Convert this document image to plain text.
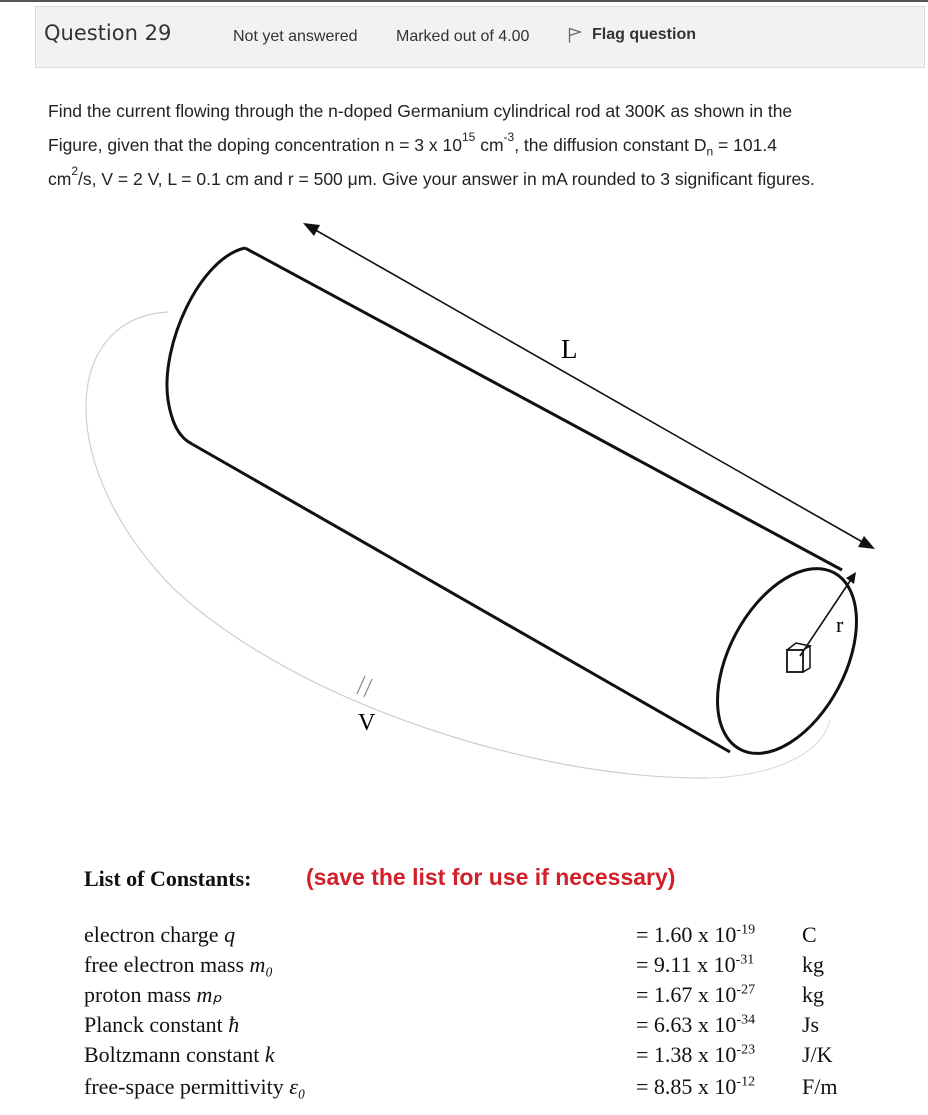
Question 29	Not yet answered Marked out of 4.00	Flag question
Find the current flowing through the n-doped Germanium cylindrical rod at 300K as shown in the
Figure, given that the doping concentration n = 3 x $10^{15}$ $cm^{-3}$, the diffusion constant $D_n = 101.4$
$cm^2/s$, V = 2 V, L = 0.1 cm and r = 500 μm. Give your answer in mA rounded to 3 significant figures.
V
L
r
List of Constants: (save the list for use if necessary)
electron charge q	= 1.60 x $10^{-19}$ C
free electron mass m₀	= 9.11 x $10^{-31}$ kg
proton mass mₚ	= 1.67 x $10^{-27}$ kg
Planck constant ħ	= 6.63 x $10^{-34}$ Js
Boltzmann constant k	= 1.38 x $10^{-23}$ J/K
free-space permittivity ε₀	= 8.85 x $10^{-12}$ F/m
